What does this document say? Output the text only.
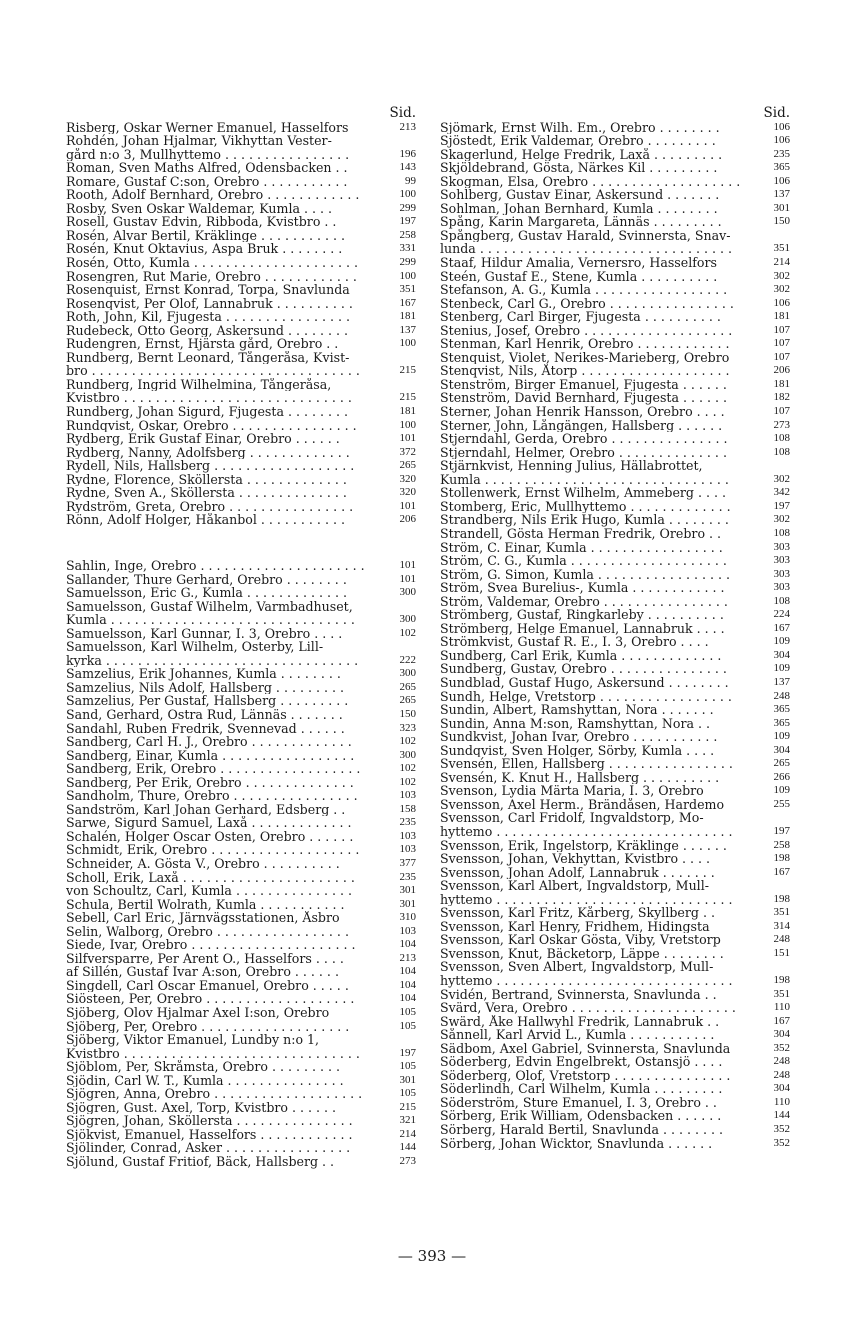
Sid.
Risberg, Oskar Werner Emanuel, Hasselfors	213
Rohdén, Johan Hjalmar, Vikhyttan Vester-
gård n:o 3, Mullhyttemo . . . . . . . . . . . . . . . .	196
Roman, Sven Maths Alfred, Odensbacken . .	143
Romare, Gustaf C:son, Örebro . . . . . . . . . . .	99
Rooth, Adolf Bernhard, Örebro . . . . . . . . . . . .	100
Rosby, Sven Oskar Waldemar, Kumla . . . .	299
Rosell, Gustav Edvin, Ribboda, Kvistbro . .	197
Rosén, Alvar Bertil, Kräklinge . . . . . . . . . . .	258
Rosén, Knut Oktavius, Aspa Bruk . . . . . . . .	331
Rosén, Otto, Kumla . . . . . . . . . . . . . . . . . . . . .	299
Rosengren, Rut Marie, Örebro . . . . . . . . . . . .	100
Rosenquist, Ernst Konrad, Torpa, Snavlunda	351
Rosenqvist, Per Olof, Lannabruk . . . . . . . . . .	167
Roth, John, Kil, Fjugesta . . . . . . . . . . . . . . . .	181
Rudebeck, Otto Georg, Askersund . . . . . . . .	137
Rudengren, Ernst, Hjärsta gård, Örebro . .	100
Rundberg, Bernt Leonard, Tångeråsa, Kvist-
bro . . . . . . . . . . . . . . . . . . . . . . . . . . . . . . . . . .	215
Rundberg, Ingrid Wilhelmina, Tångeråsa,
Kvistbro . . . . . . . . . . . . . . . . . . . . . . . . . . . . .	215
Rundberg, Johan Sigurd, Fjugesta . . . . . . . .	181
Rundqvist, Oskar, Örebro . . . . . . . . . . . . . . . .	100
Rydberg, Erik Gustaf Einar, Örebro . . . . . .	101
Rydberg, Nanny, Adolfsberg . . . . . . . . . . . . .	372
Rydell, Nils, Hallsberg . . . . . . . . . . . . . . . . . .	265
Rydne, Florence, Sköllersta . . . . . . . . . . . . .	320
Rydne, Sven A., Sköllersta . . . . . . . . . . . . . .	320
Rydström, Greta, Örebro . . . . . . . . . . . . . . . .	101
Rönn, Adolf Holger, Håkanbol . . . . . . . . . . .	206
Sahlin, Inge, Örebro . . . . . . . . . . . . . . . . . . . . .	101
Sallander, Thure Gerhard, Örebro . . . . . . . .	101
Samuelsson, Eric G., Kumla . . . . . . . . . . . . .	300
Samuelsson, Gustaf Wilhelm, Varmbadhuset,
Kumla . . . . . . . . . . . . . . . . . . . . . . . . . . . . . . .	300
Samuelsson, Karl Gunnar, I. 3, Örebro . . . .	102
Samuelsson, Karl Wilhelm, Österby, Lill-
kyrka . . . . . . . . . . . . . . . . . . . . . . . . . . . . . . . .	222
Samzelius, Erik Johannes, Kumla . . . . . . . .	300
Samzelius, Nils Adolf, Hallsberg . . . . . . . . .	265
Samzelius, Per Gustaf, Hallsberg . . . . . . . . .	265
Sand, Gerhard, Östra Rud, Lännäs . . . . . . .	150
Sandahl, Ruben Fredrik, Svennevad . . . . . .	323
Sandberg, Carl H. J., Örebro . . . . . . . . . . . . .	102
Sandberg, Einar, Kumla . . . . . . . . . . . . . . . . .	300
Sandberg, Erik, Örebro . . . . . . . . . . . . . . . . . .	102
Sandberg, Per Erik, Örebro . . . . . . . . . . . . . .	102
Sandholm, Thure, Örebro . . . . . . . . . . . . . . . .	103
Sandström, Karl Johan Gerhard, Edsberg . .	158
Sarwe, Sigurd Samuel, Laxå . . . . . . . . . . . . .	235
Schalén, Holger Oscar Östen, Örebro . . . . . .	103
Schmidt, Erik, Örebro . . . . . . . . . . . . . . . . . . .	103
Schneider, A. Gösta V., Örebro . . . . . . . . . .	377
Scholl, Erik, Laxå . . . . . . . . . . . . . . . . . . . . . .	235
von Schoultz, Carl, Kumla . . . . . . . . . . . . . . .	301
Schula, Bertil Wolrath, Kumla . . . . . . . . . . .	301
Sebell, Carl Eric, Järnvägsstationen, Åsbro	310
Selin, Walborg, Örebro . . . . . . . . . . . . . . . . .	103
Siede, Ivar, Örebro . . . . . . . . . . . . . . . . . . . . .	104
Silfversparre, Per Arent O., Hasselfors . . . .	213
af Sillén, Gustaf Ivar A:son, Örebro . . . . . .	104
Singdell, Carl Oscar Emanuel, Örebro . . . . .	104
Siösteen, Per, Örebro . . . . . . . . . . . . . . . . . . .	104
Sjöberg, Olov Hjalmar Axel I:son, Örebro	105
Sjöberg, Per, Örebro . . . . . . . . . . . . . . . . . . .	105
Sjöberg, Viktor Emanuel, Lundby n:o 1,
Kvistbro . . . . . . . . . . . . . . . . . . . . . . . . . . . . . .	197
Sjöblom, Per, Skråmsta, Örebro . . . . . . . . .	105
Sjödin, Carl W. T., Kumla . . . . . . . . . . . . . . .	301
Sjögren, Anna, Örebro . . . . . . . . . . . . . . . . . . .	105
Sjögren, Gust. Axel, Torp, Kvistbro . . . . . .	215
Sjögren, Johan, Sköllersta . . . . . . . . . . . . . . .	321
Sjökvist, Emanuel, Hasselfors . . . . . . . . . . . .	214
Sjölinder, Conrad, Asker . . . . . . . . . . . . . . . .	144
Sjölund, Gustaf Fritiof, Bäck, Hallsberg . .	273
Sid.
Sjömark, Ernst Wilh. Em., Örebro . . . . . . . .	106
Sjöstedt, Erik Valdemar, Örebro . . . . . . . . .	106
Skagerlund, Helge Fredrik, Laxå . . . . . . . . .	235
Skjöldebrand, Gösta, Närkes Kil . . . . . . . . .	365
Skogman, Elsa, Örebro . . . . . . . . . . . . . . . . . . .	106
Sohlberg, Gustav Einar, Askersund . . . . . . .	137
Sohlman, Johan Bernhard, Kumla . . . . . . . .	301
Spång, Karin Margareta, Lännäs . . . . . . . . .	150
Spångberg, Gustav Harald, Svinnersta, Snav-
lunda . . . . . . . . . . . . . . . . . . . . . . . . . . . . . . . .	351
Staaf, Hildur Amalia, Vernersro, Hasselfors	214
Steén, Gustaf E., Stene, Kumla . . . . . . . . . .	302
Stefanson, A. G., Kumla . . . . . . . . . . . . . . . . .	302
Stenbeck, Carl G., Örebro . . . . . . . . . . . . . . . .	106
Stenberg, Carl Birger, Fjugesta . . . . . . . . . .	181
Stenius, Josef, Örebro . . . . . . . . . . . . . . . . . . .	107
Stenman, Karl Henrik, Örebro . . . . . . . . . . . .	107
Stenquist, Violet, Nerikes-Marieberg, Örebro	107
Stenqvist, Nils, Åtorp . . . . . . . . . . . . . . . . . . .	206
Stenström, Birger Emanuel, Fjugesta . . . . . .	181
Stenström, David Bernhard, Fjugesta . . . . . .	182
Sterner, Johan Henrik Hansson, Örebro . . . .	107
Sterner, John, Långängen, Hallsberg . . . . . .	273
Stjerndahl, Gerda, Örebro . . . . . . . . . . . . . . .	108
Stjerndahl, Helmer, Örebro . . . . . . . . . . . . . .	108
Stjärnkvist, Henning Julius, Hällabrottet,
Kumla . . . . . . . . . . . . . . . . . . . . . . . . . . . . . . .	302
Stollenwerk, Ernst Wilhelm, Ammeberg . . . .	342
Stomberg, Eric, Mullhyttemo . . . . . . . . . . . . .	197
Strandberg, Nils Erik Hugo, Kumla . . . . . . . .	302
Strandell, Gösta Herman Fredrik, Örebro . .	108
Ström, C. Einar, Kumla . . . . . . . . . . . . . . . . .	303
Ström, C. G., Kumla . . . . . . . . . . . . . . . . . . . .	303
Ström, G. Simon, Kumla . . . . . . . . . . . . . . . . .	303
Ström, Svea Burelius-, Kumla . . . . . . . . . . . .	303
Ström, Valdemar, Örebro . . . . . . . . . . . . . . . .	108
Strömberg, Gustaf, Ringkarleby . . . . . . . . . .	224
Strömberg, Helge Emanuel, Lannabruk . . . .	167
Strömkvist, Gustaf R. E., I. 3, Örebro . . . .	109
Sundberg, Carl Erik, Kumla . . . . . . . . . . . . .	304
Sundberg, Gustav, Örebro . . . . . . . . . . . . . . .	109
Sundblad, Gustaf Hugo, Askersund . . . . . . . .	137
Sundh, Helge, Vretstorp . . . . . . . . . . . . . . . . .	248
Sundin, Albert, Ramshyttan, Nora . . . . . . .	365
Sundin, Anna M:son, Ramshyttan, Nora . .	365
Sundkvist, Johan Ivar, Örebro . . . . . . . . . . .	109
Sundqvist, Sven Holger, Sörby, Kumla . . . .	304
Svensén, Ellen, Hallsberg . . . . . . . . . . . . . . . .	265
Svensén, K. Knut H., Hallsberg . . . . . . . . . .	266
Svenson, Lydia Märta Maria, I. 3, Örebro	109
Svensson, Axel Herm., Brändåsen, Hardemo	255
Svensson, Carl Fridolf, Ingvaldstorp, Mo-
hyttemo . . . . . . . . . . . . . . . . . . . . . . . . . . . . . .	197
Svensson, Erik, Ingelstorp, Kräklinge . . . . . .	258
Svensson, Johan, Vekhyttan, Kvistbro . . . .	198
Svensson, Johan Adolf, Lannabruk . . . . . . .	167
Svensson, Karl Albert, Ingvaldstorp, Mull-
hyttemo . . . . . . . . . . . . . . . . . . . . . . . . . . . . . .	198
Svensson, Karl Fritz, Kårberg, Skyllberg . .	351
Svensson, Karl Henry, Fridhem, Hidingsta	314
Svensson, Karl Oskar Gösta, Viby, Vretstorp	248
Svensson, Knut, Bäcketorp, Läppe . . . . . . . .	151
Svensson, Sven Albert, Ingvaldstorp, Mull-
hyttemo . . . . . . . . . . . . . . . . . . . . . . . . . . . . . .	198
Svidén, Bertrand, Svinnersta, Snavlunda . .	351
Svärd, Vera, Örebro . . . . . . . . . . . . . . . . . . . . .	110
Swärd, Åke Hallwyhl Fredrik, Lannabruk . .	167
Sånnell, Karl Arvid L., Kumla . . . . . . . . . . .	304
Sädbom, Axel Gabriel, Svinnersta, Snavlunda	352
Söderberg, Edvin Engelbrekt, Östansjö . . . .	248
Söderberg, Olof, Vretstorp . . . . . . . . . . . . . . .	248
Söderlindh, Carl Wilhelm, Kumla . . . . . . . . .	304
Söderström, Sture Emanuel, I. 3, Örebro . .	110
Sörberg, Erik William, Odensbacken . . . . . .	144
Sörberg, Harald Bertil, Snavlunda . . . . . . . .	352
Sörberg, Johan Wicktor, Snavlunda . . . . . .	352
— 393 —
